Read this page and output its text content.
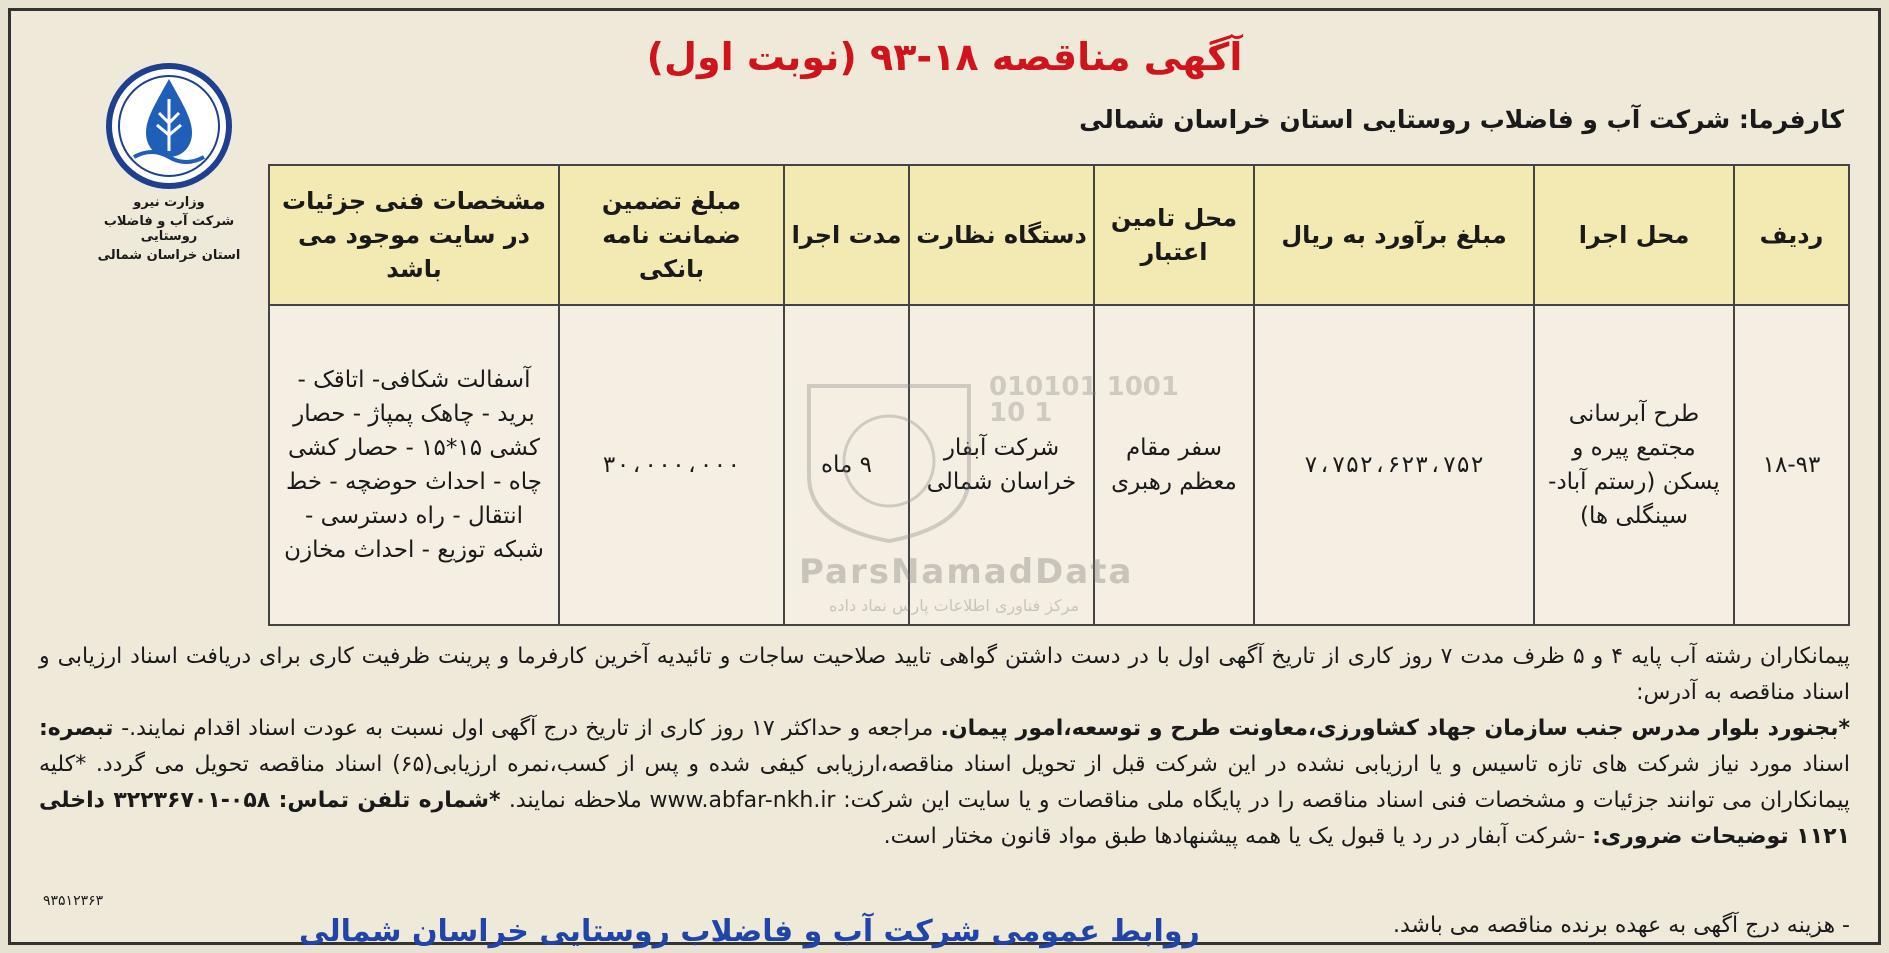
آگهی مناقصه ۱۸-۹۳ (نوبت اول)
کارفرما: شرکت آب و فاضلاب روستایی استان خراسان شمالی
وزارت نیرو
شرکت آب و فاضلاب روستایی
استان خراسان شمالی
ردیف	محل اجرا	مبلغ برآورد به ریال	محل تامین اعتبار	دستگاه نظارت	مدت اجرا	مبلغ تضمین ضمانت نامه بانکی	مشخصات فنی جزئیات در سایت موجود می باشد
۱۸-۹۳	طرح آبرسانی مجتمع پیره و پسکن (رستم آباد- سینگلی ها)	۷،۷۵۲،۶۲۳،۷۵۲	سفر مقام معظم رهبری	شرکت آبفار خراسان شمالی	۹ ماه	۳۰،۰۰۰،۰۰۰	آسفالت شکافی- اتاقک - برید - چاهک پمپاژ - حصار کشی ۱۵*۱۵ - حصار کشی چاه - احداث حوضچه - خط انتقال - راه دسترسی - شبکه توزیع - احداث مخازن
010101 1001 10 1
ParsNamadData
مرکز فناوری اطلاعات پارس نماد داده

پیمانکاران رشته آب پایه ۴ و ۵ ظرف مدت ۷ روز کاری از تاریخ آگهی اول با در دست داشتن گواهی تایید صلاحیت ساجات و تائیدیه آخرین کارفرما و پرینت ظرفیت کاری برای دریافت اسناد ارزیابی و اسناد مناقصه به آدرس:

*بجنورد بلوار مدرس جنب سازمان جهاد کشاورزی،معاونت طرح و توسعه،امور پیمان. مراجعه و حداکثر ۱۷ روز کاری از تاریخ درج آگهی اول نسبت به عودت اسناد اقدام نمایند.- تبصره: اسناد مورد نیاز شرکت های تازه تاسیس و یا ارزیابی نشده در این شرکت قبل از تحویل اسناد مناقصه،ارزیابی کیفی شده و پس از کسب،نمره ارزیابی(۶۵) اسناد مناقصه تحویل می گردد. *کلیه پیمانکاران می توانند جزئیات و مشخصات فنی اسناد مناقصه را در پایگاه ملی مناقصات و یا سایت این شرکت: www.abfar-nkh.ir ملاحظه نمایند. *شماره تلفن تماس: ۰۵۸-۳۲۲۳۶۷۰۱ داخلی ۱۱۲۱ توضیحات ضروری: -شرکت آبفار در رد یا قبول یک یا همه پیشنهادها طبق مواد قانون مختار است.

- هزینه درج آگهی به عهده برنده مناقصه می باشد.
۹۳۵۱۲۳۶۳
روابط عمومی شرکت آب و فاضلاب روستایی خراسان شمالی
